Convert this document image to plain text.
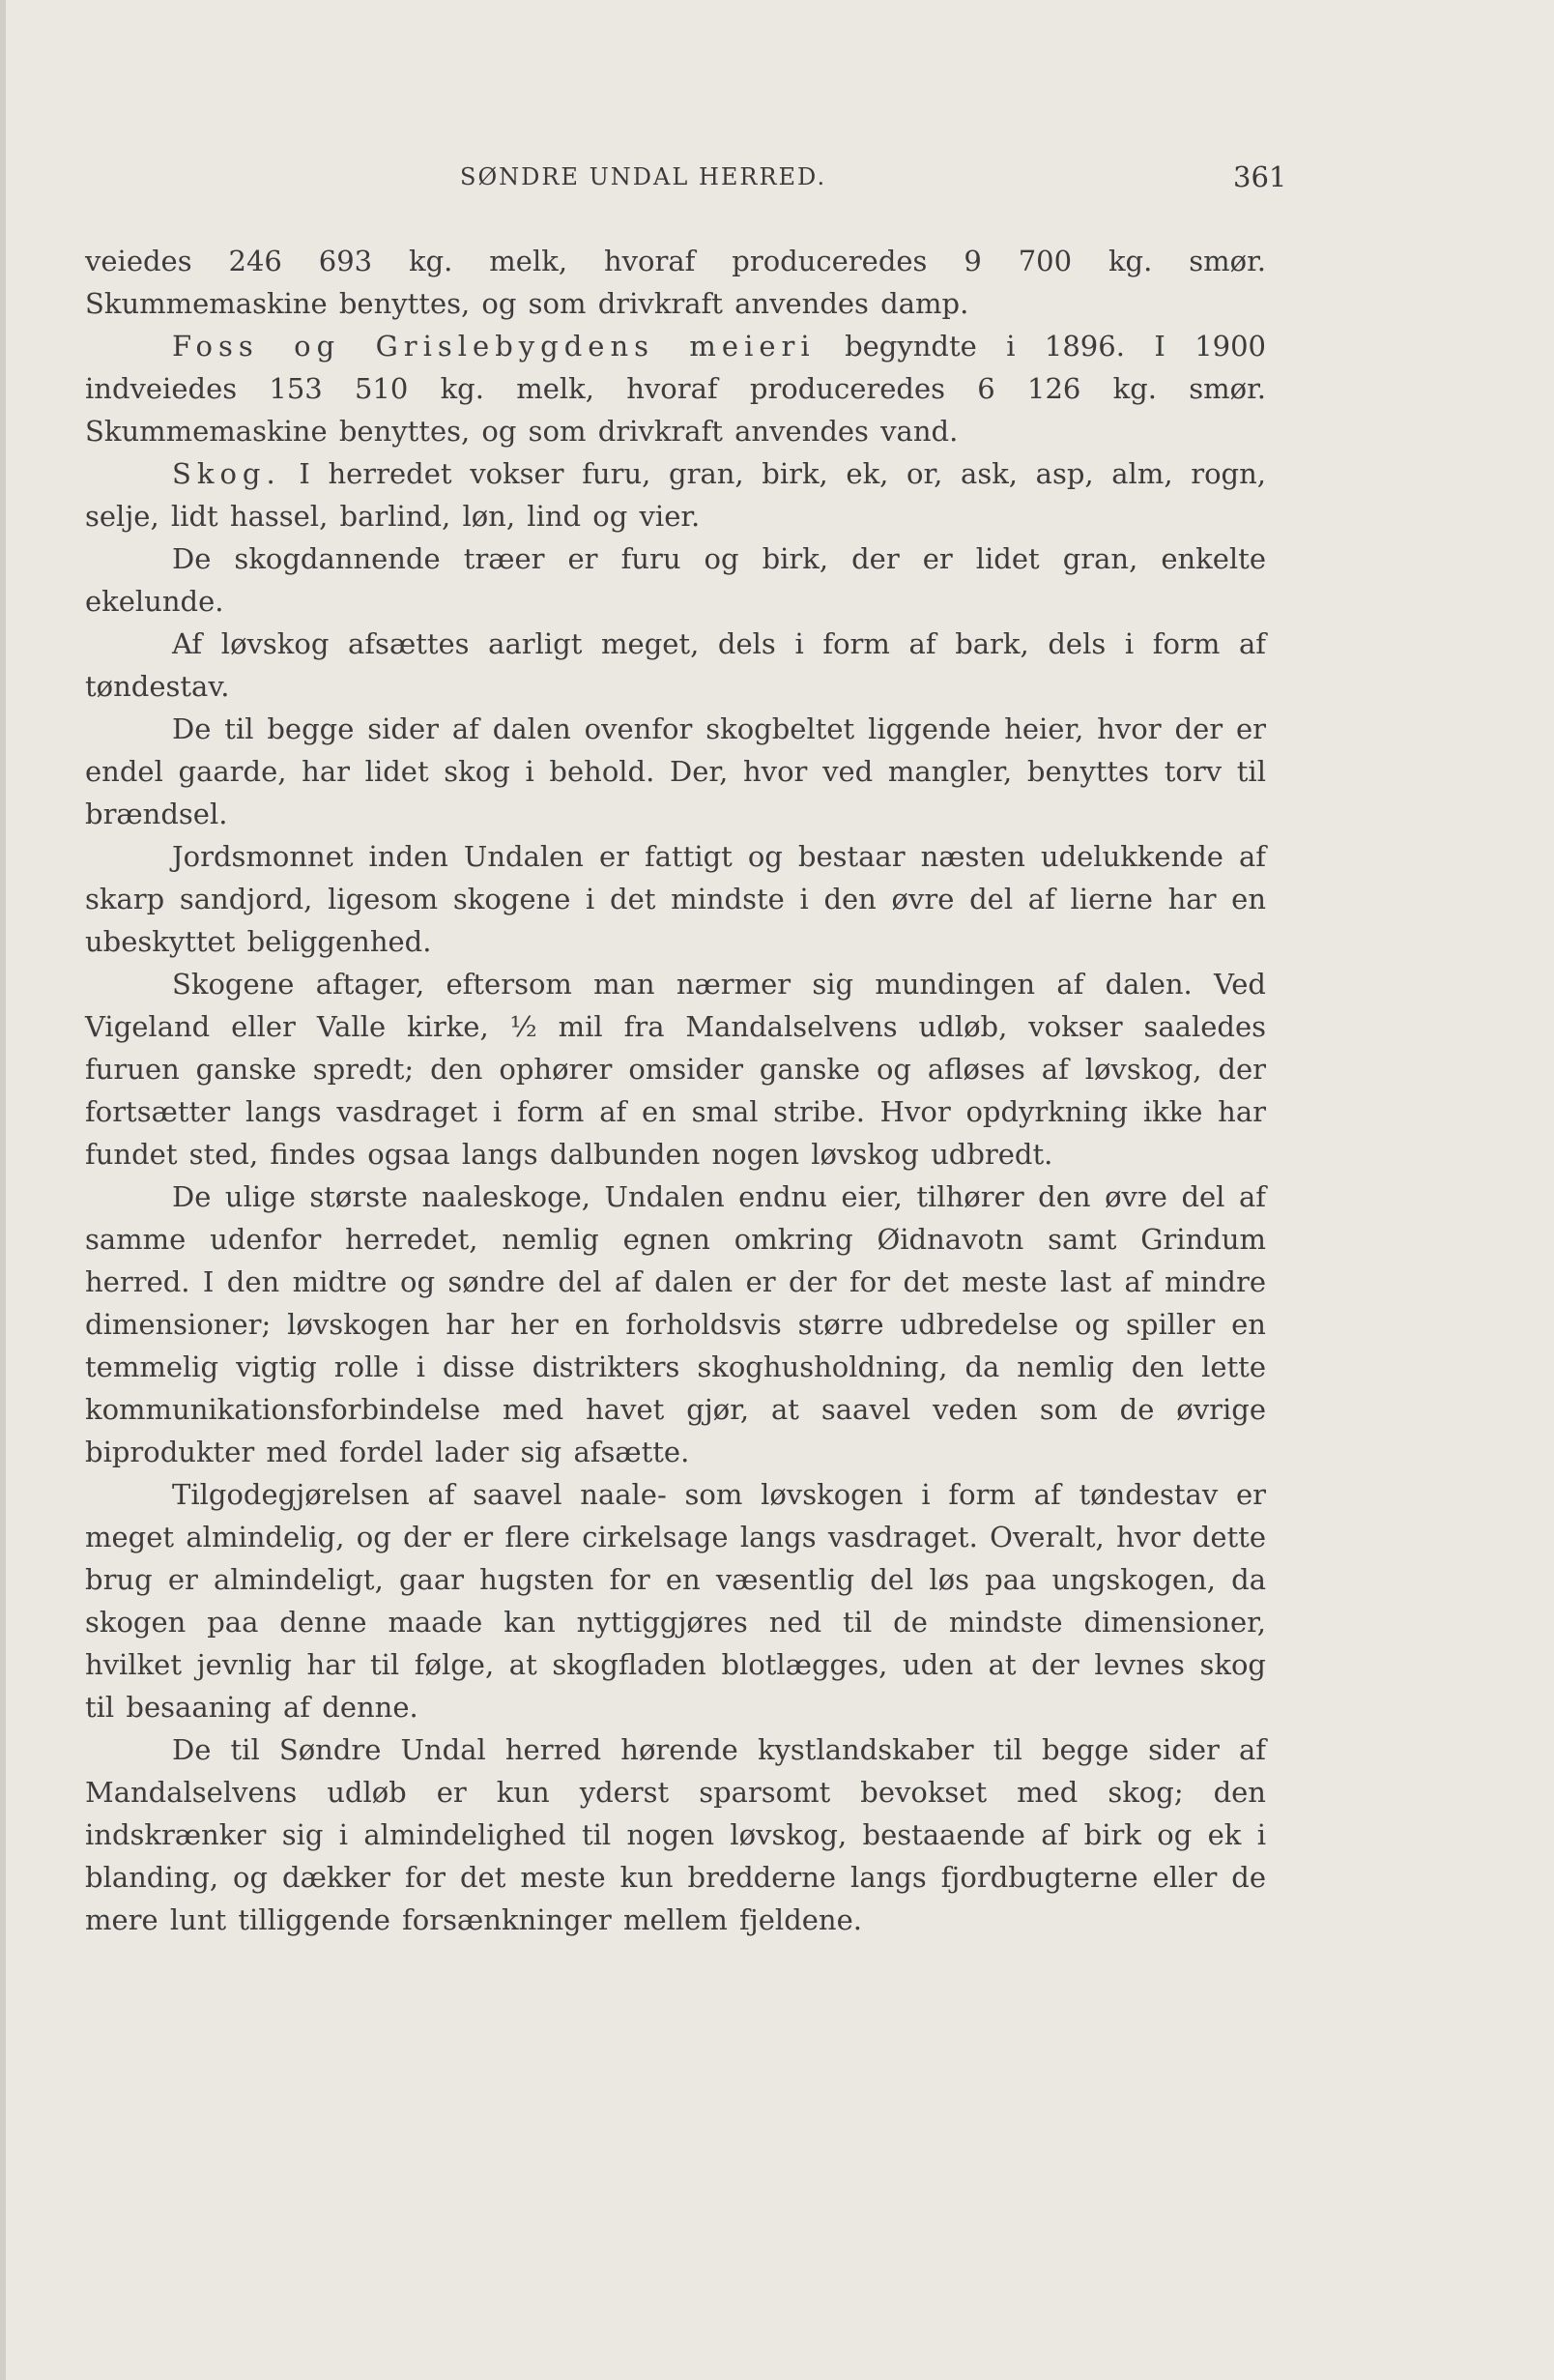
SØNDRE UNDAL HERRED.	361

veiedes 246 693 kg. melk, hvoraf produceredes 9 700 kg. smør. Skummemaskine benyttes, og som drivkraft anvendes damp.

Foss og Grislebygdens meieri begyndte i 1896. I 1900 indveiedes 153 510 kg. melk, hvoraf produceredes 6 126 kg. smør. Skummemaskine benyttes, og som drivkraft anvendes vand.

Skog. I herredet vokser furu, gran, birk, ek, or, ask, asp, alm, rogn, selje, lidt hassel, barlind, løn, lind og vier.

De skogdannende træer er furu og birk, der er lidet gran, enkelte ekelunde.

Af løvskog afsættes aarligt meget, dels i form af bark, dels i form af tøndestav.

De til begge sider af dalen ovenfor skogbeltet liggende heier, hvor der er endel gaarde, har lidet skog i behold. Der, hvor ved mangler, benyttes torv til brændsel.

Jordsmonnet inden Undalen er fattigt og bestaar næsten udelukkende af skarp sandjord, ligesom skogene i det mindste i den øvre del af lierne har en ubeskyttet beliggenhed.

Skogene aftager, eftersom man nærmer sig mundingen af dalen. Ved Vigeland eller Valle kirke, ½ mil fra Mandalselvens udløb, vokser saaledes furuen ganske spredt; den ophører omsider ganske og afløses af løvskog, der fortsætter langs vasdraget i form af en smal stribe. Hvor opdyrkning ikke har fundet sted, findes ogsaa langs dalbunden nogen løvskog udbredt.

De ulige største naaleskoge, Undalen endnu eier, tilhører den øvre del af samme udenfor herredet, nemlig egnen omkring Øidnavotn samt Grindum herred. I den midtre og søndre del af dalen er der for det meste last af mindre dimensioner; løvskogen har her en forholdsvis større udbredelse og spiller en temmelig vigtig rolle i disse distrikters skoghusholdning, da nemlig den lette kommunikationsforbindelse med havet gjør, at saavel veden som de øvrige biprodukter med fordel lader sig afsætte.

Tilgodegjørelsen af saavel naale- som løvskogen i form af tøndestav er meget almindelig, og der er flere cirkelsage langs vasdraget. Overalt, hvor dette brug er almindeligt, gaar hugsten for en væsentlig del løs paa ungskogen, da skogen paa denne maade kan nyttiggjøres ned til de mindste dimensioner, hvilket jevnlig har til følge, at skogfladen blotlægges, uden at der levnes skog til besaaning af denne.

De til Søndre Undal herred hørende kystlandskaber til begge sider af Mandalselvens udløb er kun yderst sparsomt bevokset med skog; den indskrænker sig i almindelighed til nogen løvskog, bestaaende af birk og ek i blanding, og dækker for det meste kun bredderne langs fjordbugterne eller de mere lunt tilliggende forsænkninger mellem fjeldene.
